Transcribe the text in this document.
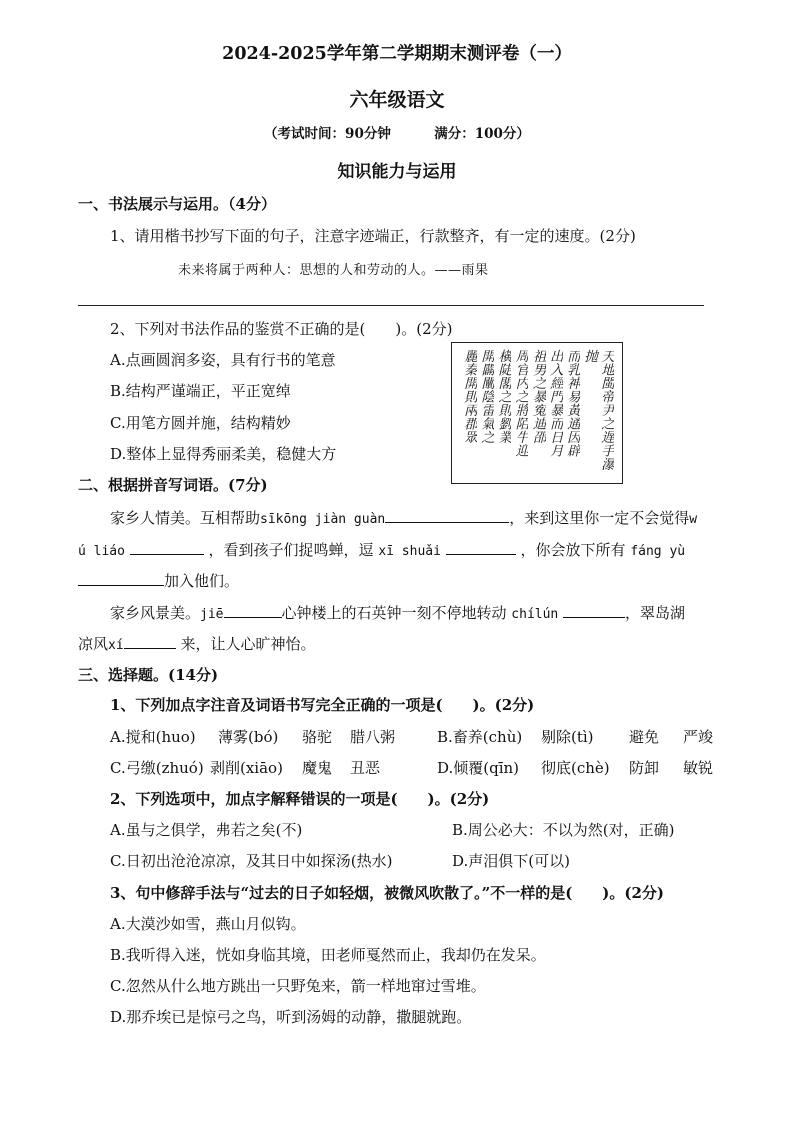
2024-2025学年第二学期期末测评卷（一）
六年级语文
（考试时间：90分钟	满分：100分）
知识能力与运用
一、书法展示与运用。（4分）
1、请用楷书抄写下面的句子，注意字迹端正，行款整齐，有一定的速度。(2分)
未来将属于两种人：思想的人和劳动的人。——雨果
2、下列对书法作品的鉴赏不正确的是(　　)。(2分)
A.点画圆润多姿，具有行书的笔意
B.结构严谨端正，平正宽绰
C.用笔方圆并施，结构精妙
D.整体上显得秀丽柔美，稳健大方	天地閩帝尹之遅手瀑抛
而乳神易黃通因辟
出入經門暴而日月
祖男之暴寃迪邵
周官内之將陌牛迎
橫陡閣之則劉業
開闢闡陰雷氣之
麗秦開則兩郡眾
二、根据拼音写词语。(7分)
家乡人情美。互相帮助sīkōng jiàn guàn	，来到这里你一定不会觉得w
ú liáo	，看到孩子们捉鸣蝉，逗 xī shuǎi	，你会放下所有 fáng yù
加入他们。
家乡风景美。jiē	心钟楼上的石英钟一刻不停地转动 chílún	，翠岛湖
凉风xí	来，让人心旷神怡。
三、选择题。(14分)
1、下列加点字注音及词语书写完全正确的一项是(　　)。(2分)
A.搅和(huo) 薄雾(bó) 骆驼 腊八粥	B.畜养(chù) 剔除(tì) 避免 严竣
C.弓缴(zhuó) 剥削(xiāo) 魔鬼 丑恶	D.倾覆(qīn) 彻底(chè) 防卸 敏锐
2、下列选项中，加点字解释错误的一项是(　　)。(2分)
A.虽与之俱学，弗若之矣(不)	B.周公必大：不以为然(对，正确)
C.日初出沧沧凉凉，及其日中如探汤(热水)	D.声泪俱下(可以)
3、句中修辞手法与“过去的日子如轻烟，被微风吹散了。”不一样的是(　　)。(2分)
A.大漠沙如雪，燕山月似钩。
B.我听得入迷，恍如身临其境，田老师戛然而止，我却仍在发呆。
C.忽然从什么地方跳出一只野兔来，箭一样地窜过雪堆。
D.那乔埃已是惊弓之鸟，听到汤姆的动静，撒腿就跑。
